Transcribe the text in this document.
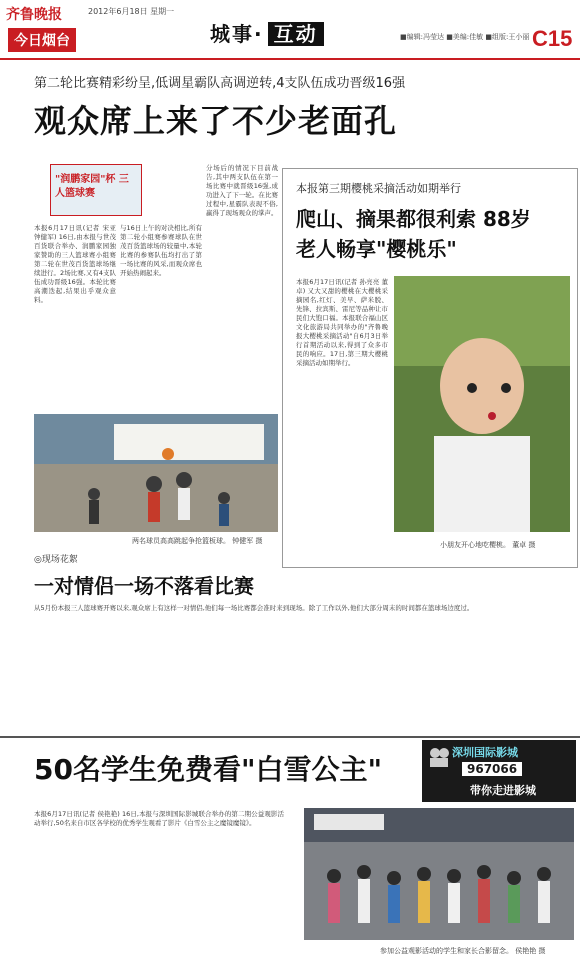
齐鲁晚报
今日烟台
2012年6月18日 星期一
城事· 互动	■编辑:冯莹达 ■美编:佳敏 ■组版:王小丽 C15
第二轮比赛精彩纷呈,低调星霸队高调逆转,4支队伍成功晋级16强
观众席上来了不少老面孔
"润鹏家园"杯 三人篮球赛
本报6月17日讯(记者 宋亚 钟健军) 16日,由本报与世茂百货联合举办、润鹏家园独家赞助的三人篮球赛小组赛第二轮在世茂百货篮球场继续进行。2场比赛,又有4支队伍成功晋级16强。本轮比赛高潮迭起,结果出乎观众意料。
与16日上午的对决相比,所有第二轮小组赛参赛球队在世茂百货篮球场的较量中,本轮比赛的参赛队伍均打出了第一场比赛的风采,而观众席也开始热闹起来。
分场后的情况下目前战告,其中两支队伍在第一场比赛中就晋级16强,成功进入了下一轮。在比赛过程中,星霸队表现不俗,赢得了现场观众的掌声。
两名球员高高跳起争抢篮板球。 钟健军 摄
本报第三期樱桃采摘活动如期举行
爬山、摘果都很利索 88岁老人畅享"樱桃乐"
本报6月17日讯(记者 孙亮亮 董卓) 又大又甜的樱桃在大樱桃采摘园名,红灯、美早、萨米脱、先锋、拉宾斯、雷尼等品种让市民们大饱口福。本报联合福山区文化旅游局共同举办的"齐鲁晚报大樱桃采摘活动"自6月3日举行首期活动以来,得到了众多市民的响应。17日,第三期大樱桃采摘活动如期举行。
小朋友开心地吃樱桃。 董卓 摄
◎现场花絮
一对情侣一场不落看比赛
从5月份本报三人篮球赛开赛以来,观众席上有这样一对情侣,他们每一场比赛都会准时来到现场。除了工作以外,他们大部分周末的时间都在篮球场边度过。
50名学生免费看"白雪公主"
深圳国际影城
967066
带你走进影城
本报6月17日讯(记者 侯艳艳) 16日,本报与深圳国际影城联合举办的第二期公益观影活动举行,50名来自市区各学校的优秀学生观看了影片《白雪公主之魔镜魔镜》。
参加公益观影活动的学生和家长合影留念。 侯艳艳 摄
